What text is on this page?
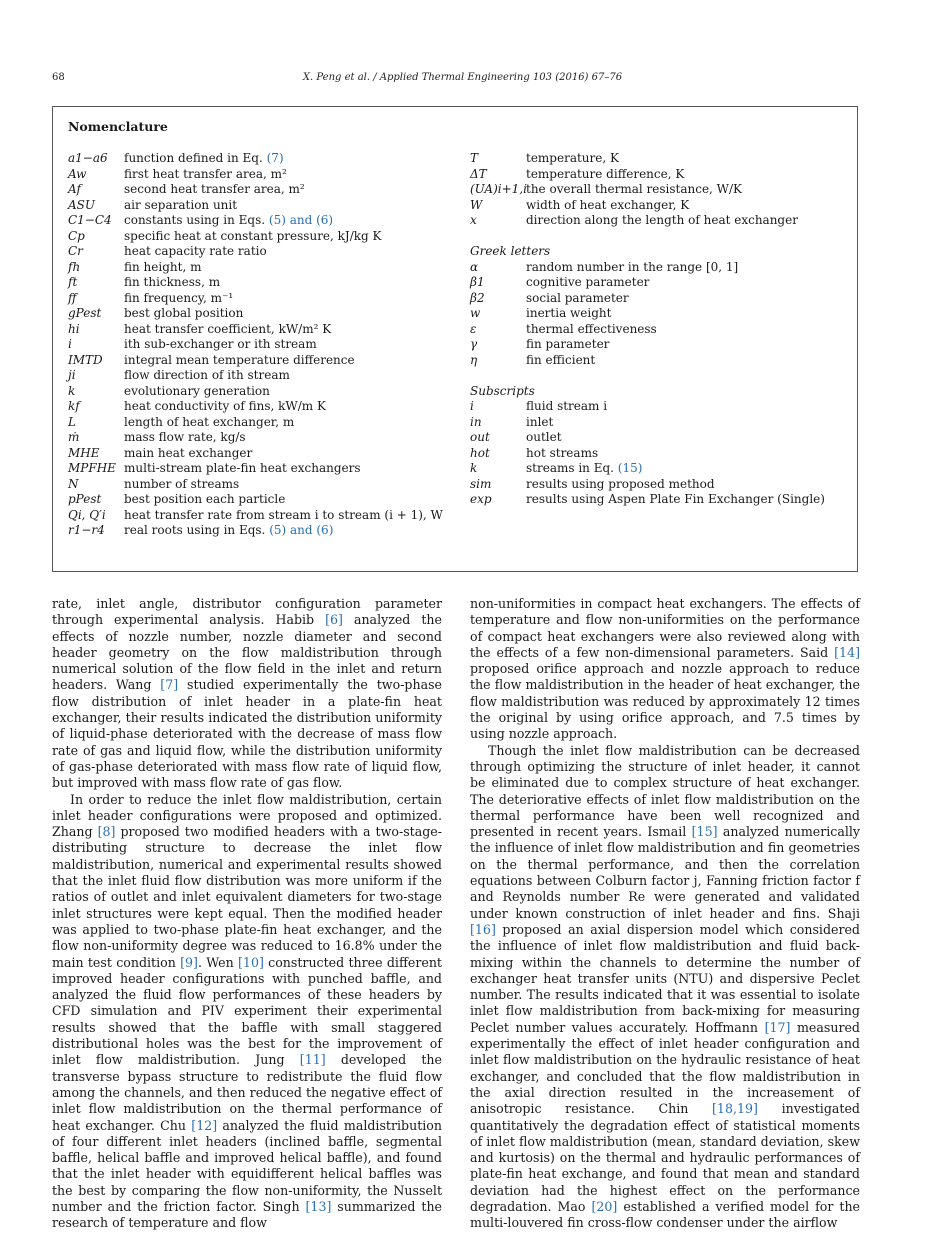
68	X. Peng et al. / Applied Thermal Engineering 103 (2016) 67–76
Nomenclature
a1−a6	function defined in Eq. (7)
Aw	first heat transfer area, m²
Af	second heat transfer area, m²
ASU	air separation unit
C1−C4	constants using in Eqs. (5) and (6)
Cp	specific heat at constant pressure, kJ/kg K
Cr	heat capacity rate ratio
fh	fin height, m
ft	fin thickness, m
ff	fin frequency, m⁻¹
gPest	best global position
hi	heat transfer coefficient, kW/m² K
i	ith sub-exchanger or ith stream
IMTD	integral mean temperature difference
ji	flow direction of ith stream
k	evolutionary generation
kf	heat conductivity of fins, kW/m K
L	length of heat exchanger, m
ṁ	mass flow rate, kg/s
MHE	main heat exchanger
MPFHE multi-stream plate-fin heat exchangers
N	number of streams
pPest	best position each particle
Qi, Q′i	heat transfer rate from stream i to stream (i + 1), W
r1−r4	real roots using in Eqs. (5) and (6)
T	temperature, K
ΔT	temperature difference, K
(UA)i+1,i the overall thermal resistance, W/K
W	width of heat exchanger, K
x	direction along the length of heat exchanger
Greek letters
α	random number in the range [0, 1]
β1	cognitive parameter
β2	social parameter
w	inertia weight
ε	thermal effectiveness
γ	fin parameter
η	fin efficient
Subscripts
i	fluid stream i
in	inlet
out	outlet
hot	hot streams
k	streams in Eq. (15)
sim	results using proposed method
exp	results using Aspen Plate Fin Exchanger (Single)

rate, inlet angle, distributor configuration parameter through experimental analysis. Habib [6] analyzed the effects of nozzle number, nozzle diameter and second header geometry on the flow maldistribution through numerical solution of the flow field in the inlet and return headers. Wang [7] studied experimentally the two-phase flow distribution of inlet header in a plate-fin heat exchanger, their results indicated the distribution uniformity of liquid-phase deteriorated with the decrease of mass flow rate of gas and liquid flow, while the distribution uniformity of gas-phase deteriorated with mass flow rate of liquid flow, but improved with mass flow rate of gas flow.

In order to reduce the inlet flow maldistribution, certain inlet header configurations were proposed and optimized. Zhang [8] proposed two modified headers with a two-stage-distributing structure to decrease the inlet flow maldistribution, numerical and experimental results showed that the inlet fluid flow distribution was more uniform if the ratios of outlet and inlet equivalent diameters for two-stage inlet structures were kept equal. Then the modified header was applied to two-phase plate-fin heat exchanger, and the flow non-uniformity degree was reduced to 16.8% under the main test condition [9]. Wen [10] constructed three different improved header configurations with punched baffle, and analyzed the fluid flow performances of these headers by CFD simulation and PIV experiment their experimental results showed that the baffle with small staggered distributional holes was the best for the improvement of inlet flow maldistribution. Jung [11] developed the transverse bypass structure to redistribute the fluid flow among the channels, and then reduced the negative effect of inlet flow maldistribution on the thermal performance of heat exchanger. Chu [12] analyzed the fluid maldistribution of four different inlet headers (inclined baffle, segmental baffle, helical baffle and improved helical baffle), and found that the inlet header with equidifferent helical baffles was the best by comparing the flow non-uniformity, the Nusselt number and the friction factor. Singh [13] summarized the research of temperature and flow

non-uniformities in compact heat exchangers. The effects of temperature and flow non-uniformities on the performance of compact heat exchangers were also reviewed along with the effects of a few non-dimensional parameters. Said [14] proposed orifice approach and nozzle approach to reduce the flow maldistribution in the header of heat exchanger, the flow maldistribution was reduced by approximately 12 times the original by using orifice approach, and 7.5 times by using nozzle approach.

Though the inlet flow maldistribution can be decreased through optimizing the structure of inlet header, it cannot be eliminated due to complex structure of heat exchanger. The deteriorative effects of inlet flow maldistribution on the thermal performance have been well recognized and presented in recent years. Ismail [15] analyzed numerically the influence of inlet flow maldistribution and fin geometries on the thermal performance, and then the correlation equations between Colburn factor j, Fanning friction factor f and Reynolds number Re were generated and validated under known construction of inlet header and fins. Shaji [16] proposed an axial dispersion model which considered the influence of inlet flow maldistribution and fluid back-mixing within the channels to determine the number of exchanger heat transfer units (NTU) and dispersive Peclet number. The results indicated that it was essential to isolate inlet flow maldistribution from back-mixing for measuring Peclet number values accurately. Hoffmann [17] measured experimentally the effect of inlet header configuration and inlet flow maldistribution on the hydraulic resistance of heat exchanger, and concluded that the flow maldistribution in the axial direction resulted in the increasement of anisotropic resistance. Chin [18,19] investigated quantitatively the degradation effect of statistical moments of inlet flow maldistribution (mean, standard deviation, skew and kurtosis) on the thermal and hydraulic performances of plate-fin heat exchange, and found that mean and standard deviation had the highest effect on the performance degradation. Mao [20] established a verified model for the multi-louvered fin cross-flow condenser under the airflow
